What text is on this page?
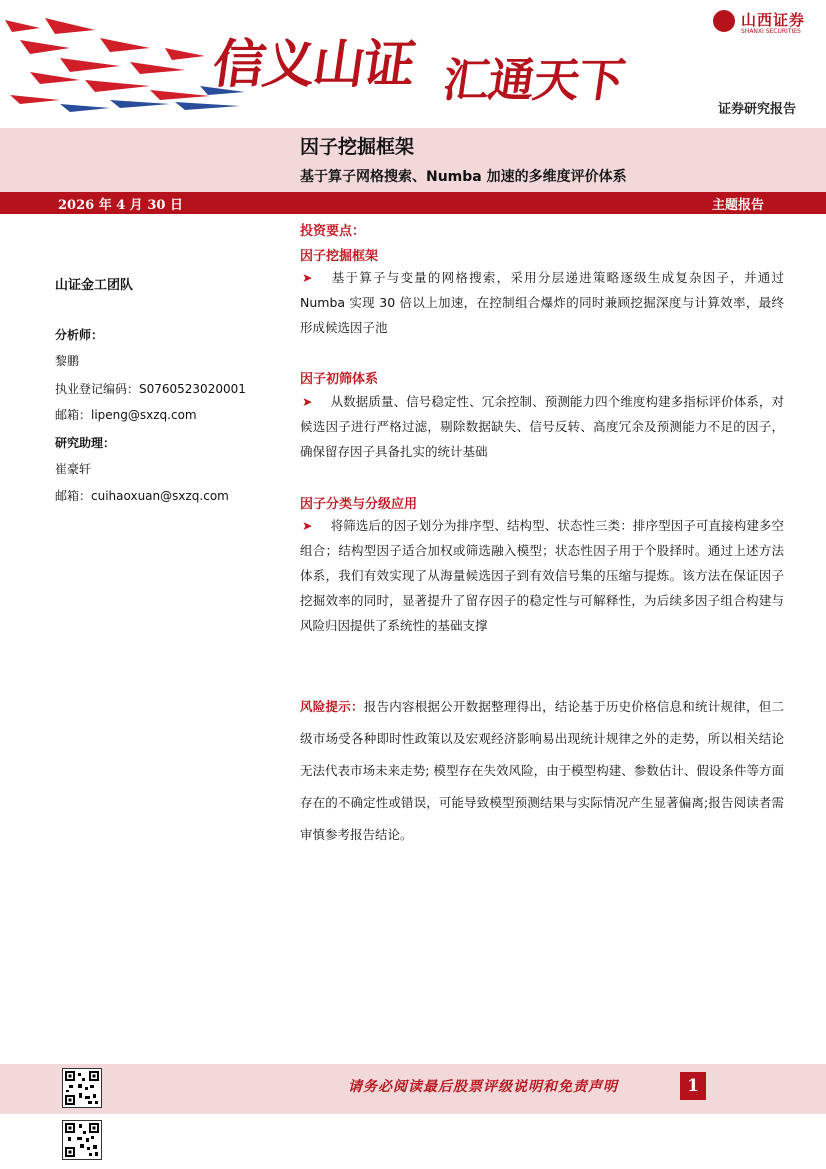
信义山证 汇通天下
山西证券
SHANXI SECURITIES
证券研究报告
因子挖掘框架
基于算子网格搜索、Numba 加速的多维度评价体系
2026 年 4 月 30 日	主题报告
山证金工团队
分析师：
黎鹏
执业登记编码：S0760523020001
邮箱：lipeng@sxzq.com
研究助理：
崔豪轩
邮箱：cuihaoxuan@sxzq.com
投资要点：
因子挖掘框架
➤ 基于算子与变量的网格搜索，采用分层递进策略逐级生成复杂因子，并通过 Numba 实现 30 倍以上加速，在控制组合爆炸的同时兼顾挖掘深度与计算效率，最终形成候选因子池
因子初筛体系
➤ 从数据质量、信号稳定性、冗余控制、预测能力四个维度构建多指标评价体系，对候选因子进行严格过滤，剔除数据缺失、信号反转、高度冗余及预测能力不足的因子，确保留存因子具备扎实的统计基础
因子分类与分级应用
➤ 将筛选后的因子划分为排序型、结构型、状态性三类：排序型因子可直接构建多空组合；结构型因子适合加权或筛选融入模型；状态性因子用于个股择时。通过上述方法体系，我们有效实现了从海量候选因子到有效信号集的压缩与提炼。该方法在保证因子挖掘效率的同时，显著提升了留存因子的稳定性与可解释性，为后续多因子组合构建与风险归因提供了系统性的基础支撑
风险提示：报告内容根据公开数据整理得出，结论基于历史价格信息和统计规律，但二级市场受各种即时性政策以及宏观经济影响易出现统计规律之外的走势，所以相关结论无法代表市场未来走势; 模型存在失效风险，由于模型构建、参数估计、假设条件等方面存在的不确定性或错误，可能导致模型预测结果与实际情况产生显著偏离;报告阅读者需审慎参考报告结论。
请务必阅读最后股票评级说明和免责声明	1
